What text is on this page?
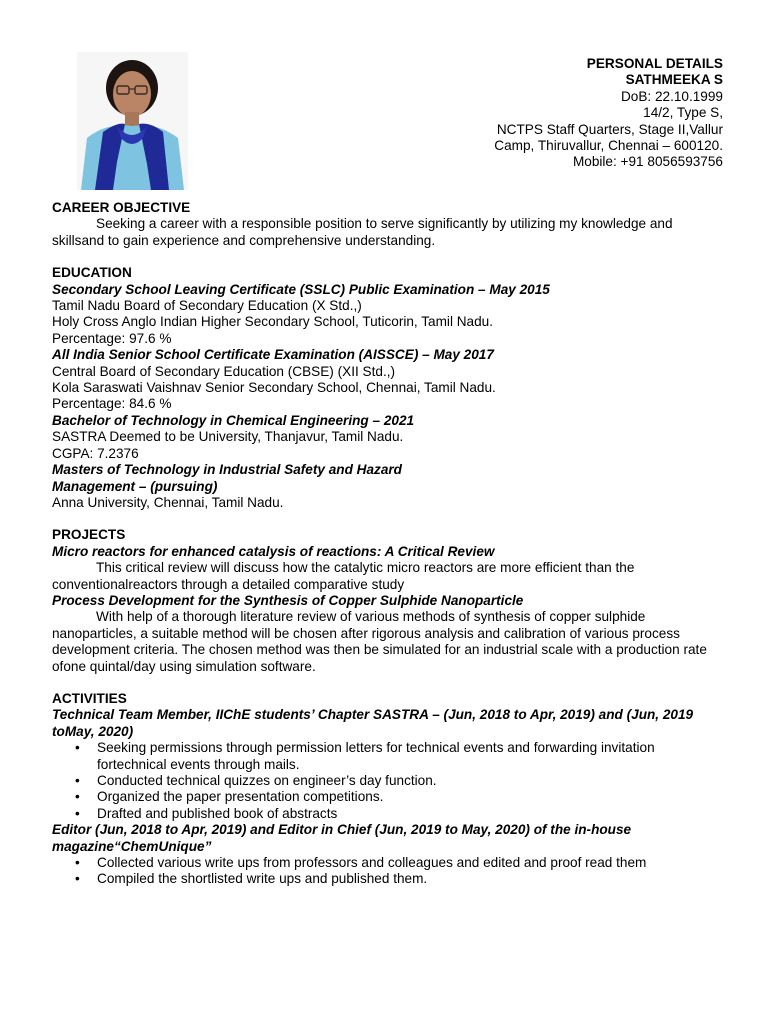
PERSONAL DETAILS
SATHMEEKA S
DoB: 22.10.1999
14/2, Type S,
NCTPS Staff Quarters, Stage II,Vallur
Camp, Thiruvallur, Chennai – 600120.
Mobile: +91 8056593756
CAREER OBJECTIVE
Seeking a career with a responsible position to serve significantly by utilizing my knowledge and
skillsand to gain experience and comprehensive understanding.
EDUCATION
Secondary School Leaving Certificate (SSLC) Public Examination – May 2015
Tamil Nadu Board of Secondary Education (X Std.,)
Holy Cross Anglo Indian Higher Secondary School, Tuticorin, Tamil Nadu.
Percentage: 97.6 %
All India Senior School Certificate Examination (AISSCE) – May 2017
Central Board of Secondary Education (CBSE) (XII Std.,)
Kola Saraswati Vaishnav Senior Secondary School, Chennai, Tamil Nadu.
Percentage: 84.6 %
Bachelor of Technology in Chemical Engineering – 2021
SASTRA Deemed to be University, Thanjavur, Tamil Nadu.
CGPA: 7.2376
Masters of Technology in Industrial Safety and Hazard
Management – (pursuing)
Anna University, Chennai, Tamil Nadu.
PROJECTS
Micro reactors for enhanced catalysis of reactions: A Critical Review
This critical review will discuss how the catalytic micro reactors are more efficient than the
conventionalreactors through a detailed comparative study
Process Development for the Synthesis of Copper Sulphide Nanoparticle
With help of a thorough literature review of various methods of synthesis of copper sulphide
nanoparticles, a suitable method will be chosen after rigorous analysis and calibration of various process
development criteria. The chosen method was then be simulated for an industrial scale with a production rate
ofone quintal/day using simulation software.
ACTIVITIES
Technical Team Member, IIChE students’ Chapter SASTRA – (Jun, 2018 to Apr, 2019) and (Jun, 2019
toMay, 2020)
• Seeking permissions through permission letters for technical events and forwarding invitation
fortechnical events through mails.
• Conducted technical quizzes on engineer’s day function.
• Organized the paper presentation competitions.
• Drafted and published book of abstracts
Editor (Jun, 2018 to Apr, 2019) and Editor in Chief (Jun, 2019 to May, 2020) of the in-house
magazine“ChemUnique”
• Collected various write ups from professors and colleagues and edited and proof read them
• Compiled the shortlisted write ups and published them.
